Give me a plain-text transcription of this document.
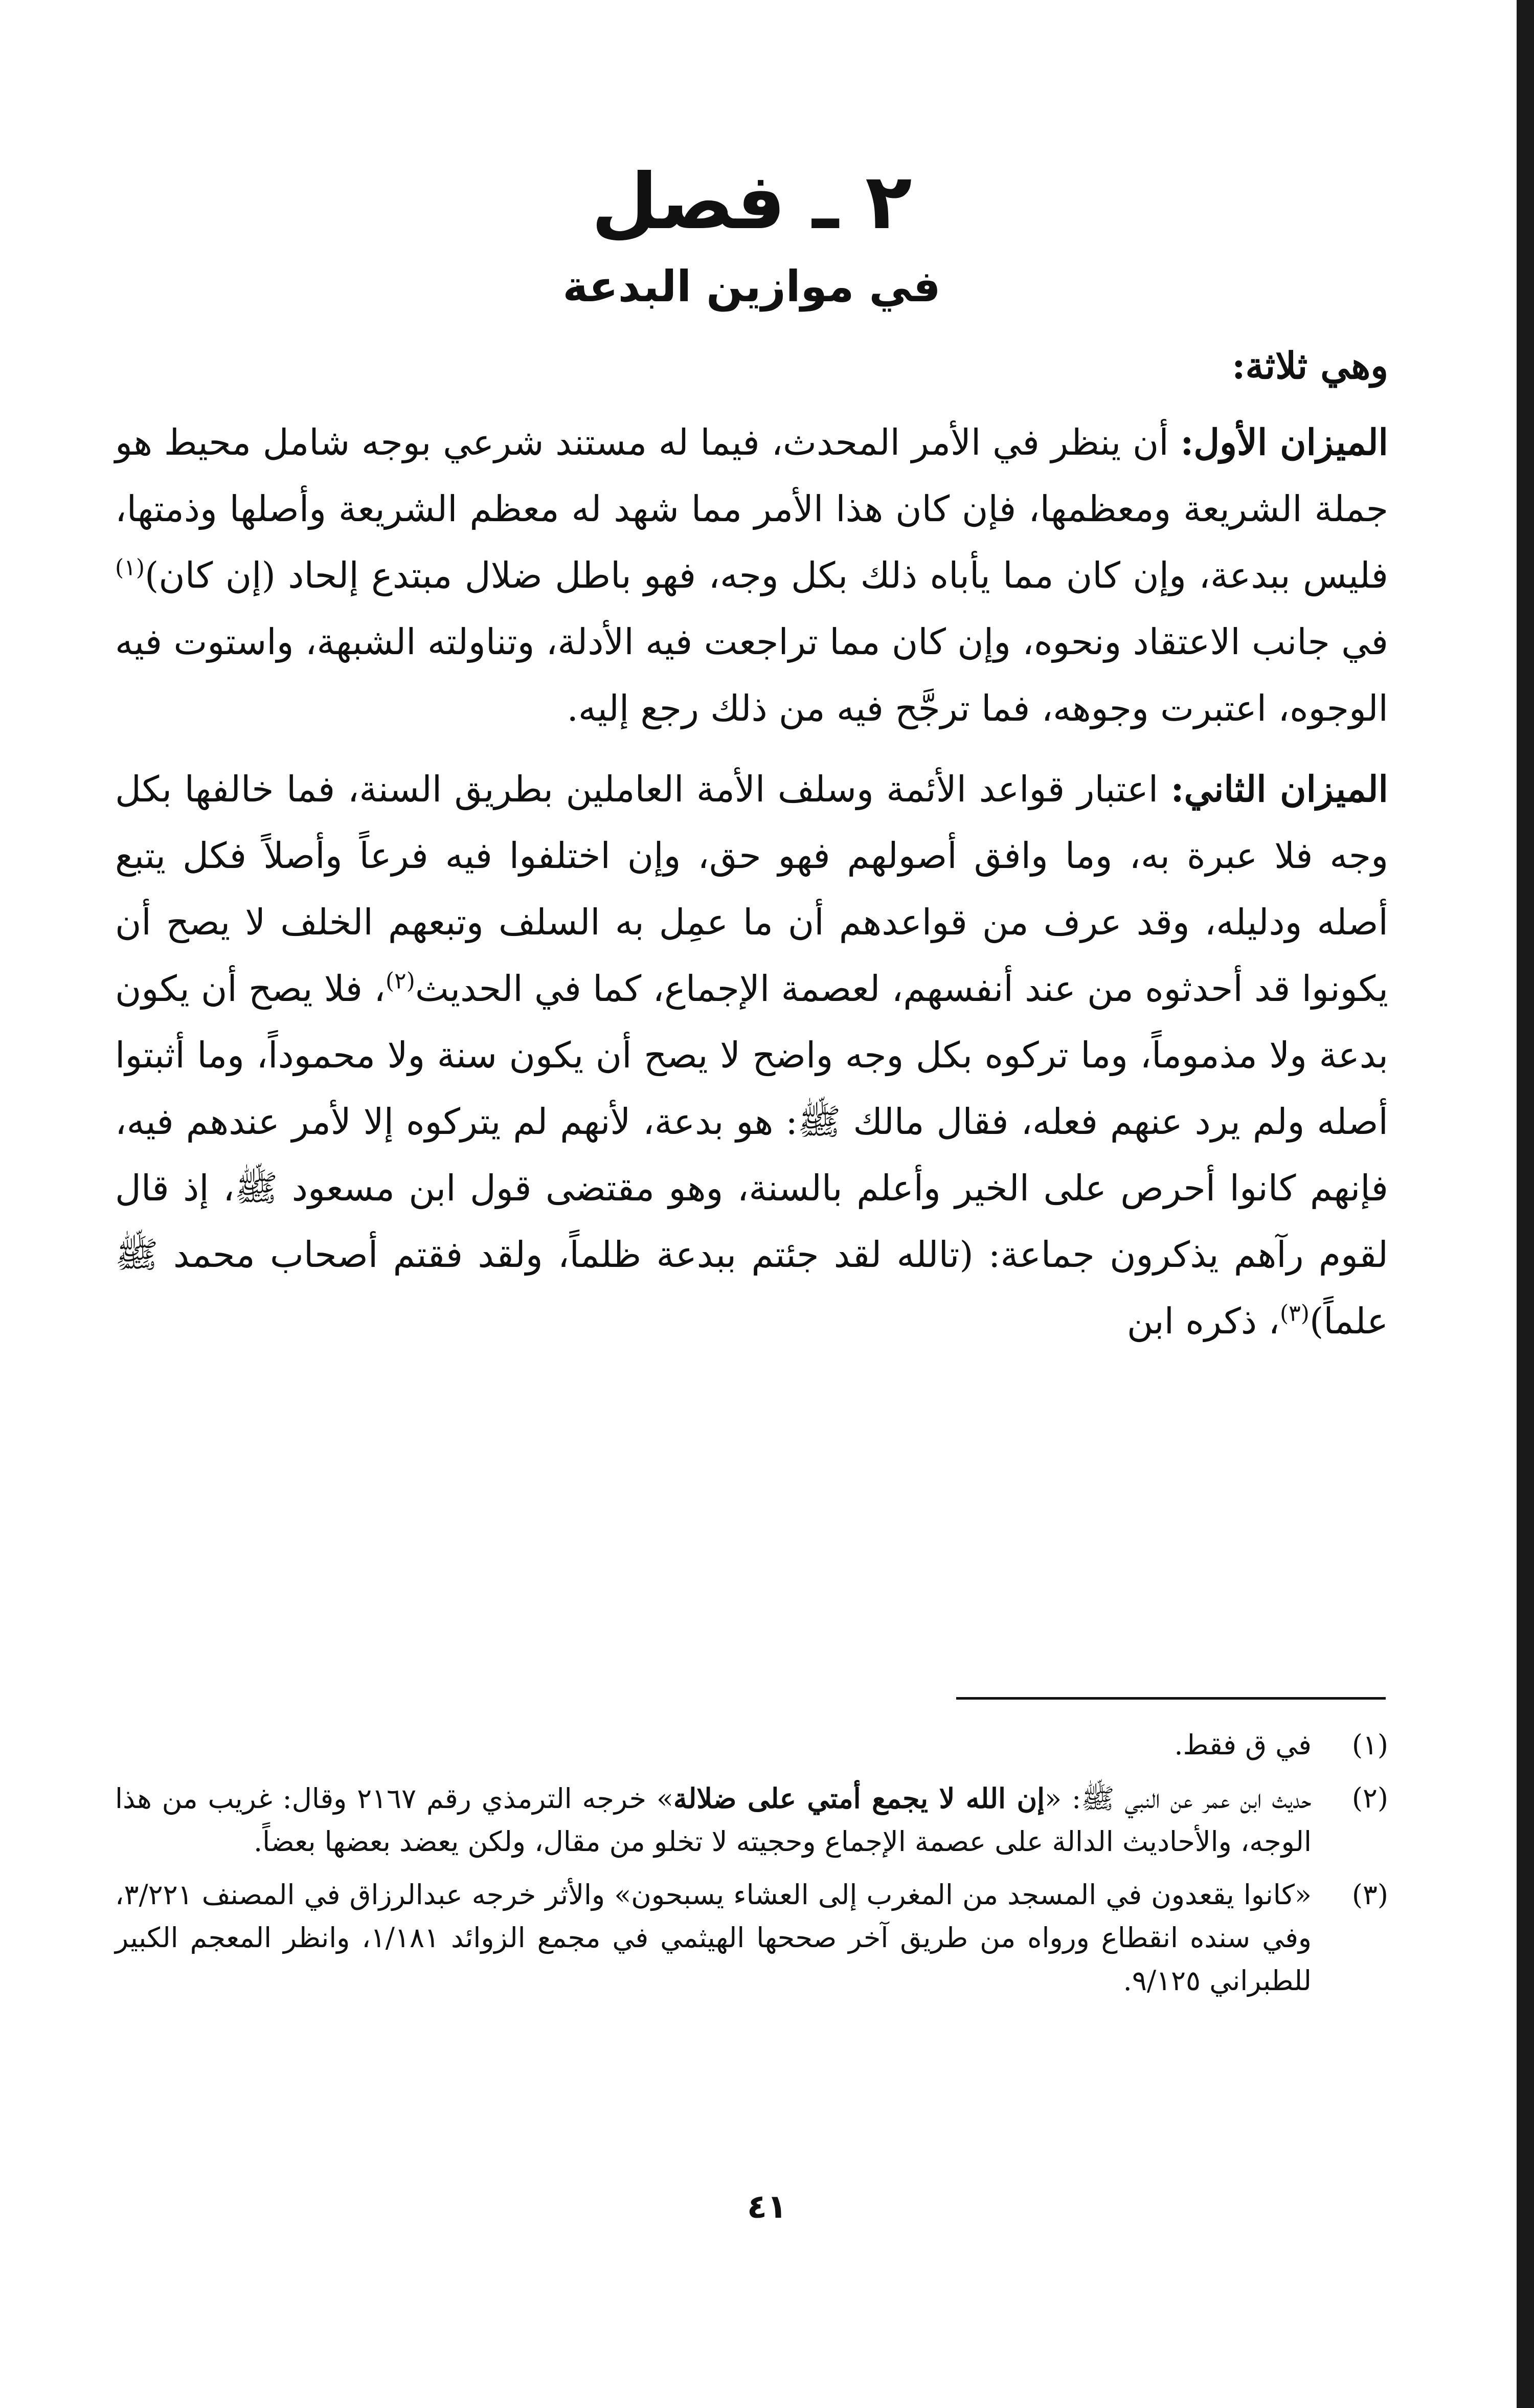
٢ ـ فصل
في موازين البدعة

وهي ثلاثة:

الميزان الأول: أن ينظر في الأمر المحدث، فيما له مستند شرعي بوجه شامل محيط هو جملة الشريعة ومعظمها، فإن كان هذا الأمر مما شهد له معظم الشريعة وأصلها وذمتها، فليس ببدعة، وإن كان مما يأباه ذلك بكل وجه، فهو باطل ضلال مبتدع إلحاد (إن كان)$^{(١)}$ في جانب الاعتقاد ونحوه، وإن كان مما تراجعت فيه الأدلة، وتناولته الشبهة، واستوت فيه الوجوه، اعتبرت وجوهه، فما ترجَّح فيه من ذلك رجع إليه.

الميزان الثاني: اعتبار قواعد الأئمة وسلف الأمة العاملين بطريق السنة، فما خالفها بكل وجه فلا عبرة به، وما وافق أصولهم فهو حق، وإن اختلفوا فيه فرعاً وأصلاً فكل يتبع أصله ودليله، وقد عرف من قواعدهم أن ما عمِل به السلف وتبعهم الخلف لا يصح أن يكونوا قد أحدثوه من عند أنفسهم، لعصمة الإجماع، كما في الحديث$^{(٢)}$، فلا يصح أن يكون بدعة ولا مذموماً، وما تركوه بكل وجه واضح لا يصح أن يكون سنة ولا محموداً، وما أثبتوا أصله ولم يرد عنهم فعله، فقال مالك ﷺ: هو بدعة، لأنهم لم يتركوه إلا لأمر عندهم فيه، فإنهم كانوا أحرص على الخير وأعلم بالسنة، وهو مقتضى قول ابن مسعود ﷺ، إذ قال لقوم رآهم يذكرون جماعة: (تالله لقد جئتم ببدعة ظلماً، ولقد فقتم أصحاب محمد ﷺ علماً)$^{(٣)}$، ذكره ابن

(١)
في ق فقط.
(٢)
حديث ابن عمر عن النبي ﷺ: «إن الله لا يجمع أمتي على ضلالة» خرجه الترمذي رقم ٢١٦٧ وقال: غريب من هذا الوجه، والأحاديث الدالة على عصمة الإجماع وحجيته لا تخلو من مقال، ولكن يعضد بعضها بعضاً.
(٣)
«كانوا يقعدون في المسجد من المغرب إلى العشاء يسبحون» والأثر خرجه عبدالرزاق في المصنف ٣/٢٢١، وفي سنده انقطاع ورواه من طريق آخر صححها الهيثمي في مجمع الزوائد ١/١٨١، وانظر المعجم الكبير للطبراني ٩/١٢٥.
٤١
